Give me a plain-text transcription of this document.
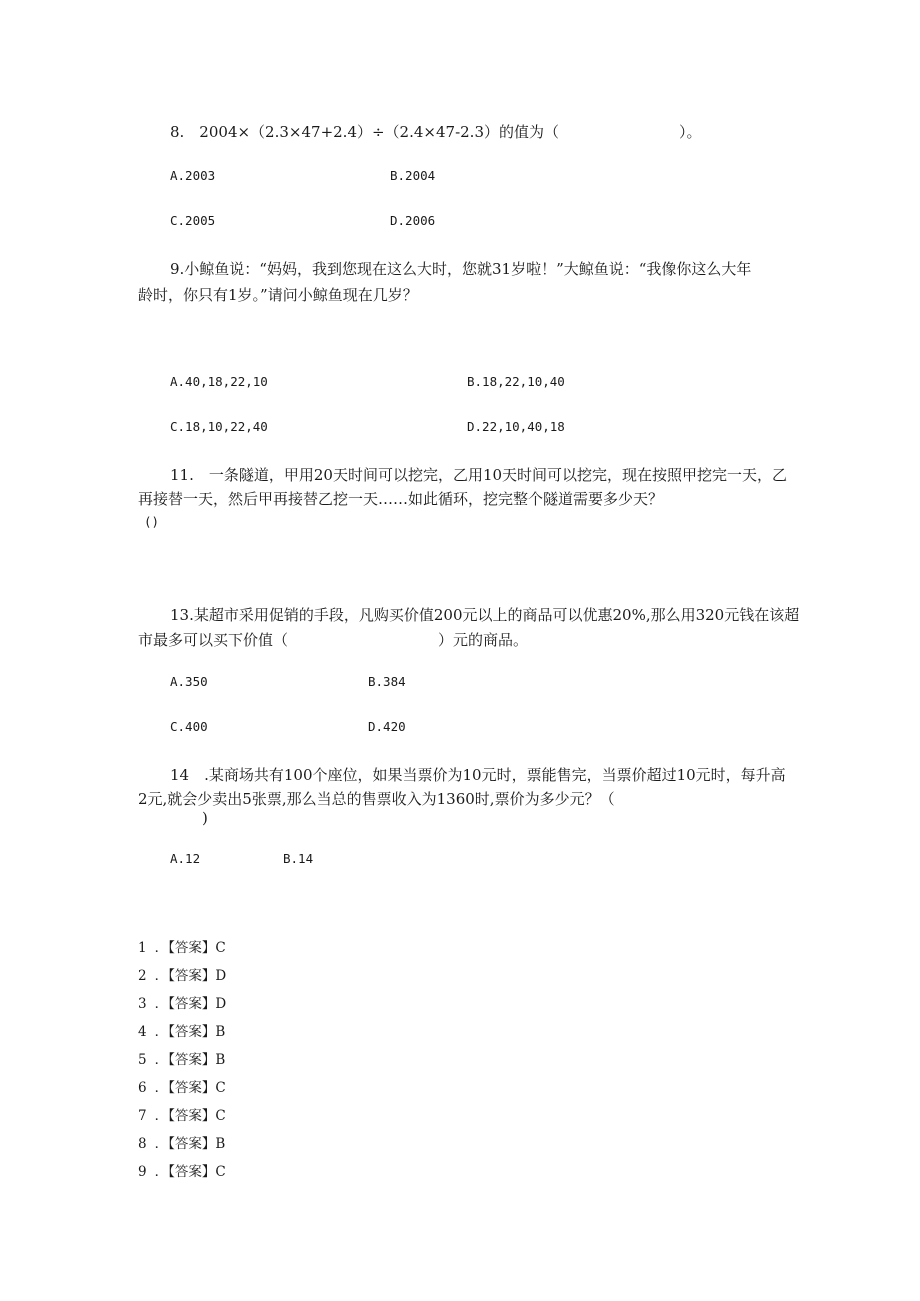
8.　2004×（2.3×47+2.4）÷（2.4×47-2.3）的值为（　　　　　　　　）。
A.2003	B.2004
C.2005	D.2006
9.小鲸鱼说：“妈妈，我到您现在这么大时，您就31岁啦！”大鲸鱼说：“我像你这么大年
龄时，你只有1岁。”请问小鲸鱼现在几岁？
A.40,18,22,10	B.18,22,10,40
C.18,10,22,40	D.22,10,40,18
11.　一条隧道，甲用20天时间可以挖完，乙用10天时间可以挖完，现在按照甲挖完一天，乙
再接替一天，然后甲再接替乙挖一天……如此循环，挖完整个隧道需要多少天？
()
13.某超市采用促销的手段，凡购买价值200元以上的商品可以优惠20%,那么用320元钱在该超
市最多可以买下价值（　　　　　　　　　　）元的商品。
A.350	B.384
C.400	D.420
14　.某商场共有100个座位，如果当票价为10元时，票能售完，当票价超过10元时，每升高
2元,就会少卖出5张票,那么当总的售票收入为1360时,票价为多少元？（
)
A.12	B.14
1 ．【答案】C
2 ．【答案】D
3 ．【答案】D
4 ．【答案】B
5 ．【答案】B
6 ．【答案】C
7 ．【答案】C
8 ．【答案】B
9 ．【答案】C
